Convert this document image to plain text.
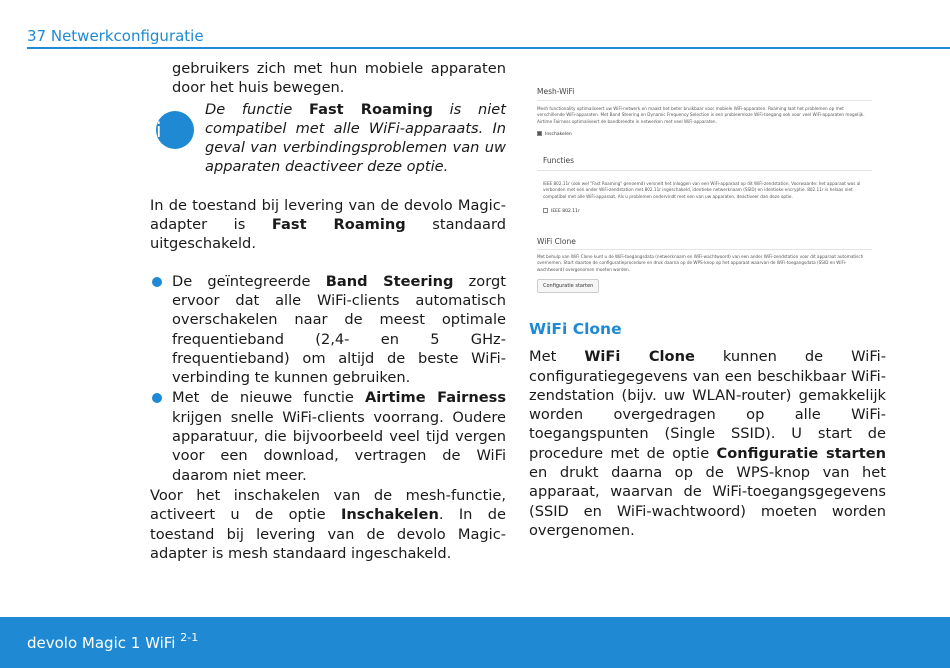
37 Netwerkconfiguratie

gebruikers zich met hun mobiele apparaten door het huis bewegen.

i
De functie Fast Roaming is niet compatibel met alle WiFi-apparaats. In geval van verbindingsproblemen van uw apparaten deactiveer deze optie.

In de toestand bij levering van de devolo Magic-adapter is Fast Roaming standaard uitgeschakeld.

De geïntegreerde Band Steering zorgt ervoor dat alle WiFi-clients automatisch overschakelen naar de meest optimale frequentieband (2,4- en 5 GHz-frequentieband) om altijd de beste WiFi-verbinding te kunnen gebruiken.
Met de nieuwe functie Airtime Fairness krijgen snelle WiFi-clients voorrang. Oudere apparatuur, die bijvoorbeeld veel tijd vergen voor een download, vertragen de WiFi daarom niet meer.

Voor het inschakelen van de mesh-functie, activeert u de optie Inschakelen. In de toestand bij levering van de devolo Magic-adapter is mesh standaard ingeschakeld.

Mesh-WiFi
Mesh functionality optimaliseert uw WiFi-netwerk en maakt het beter bruikbaar voor mobiele WiFi-apparaten. Roaming laat het problemen op met verschillende WiFi-apparaten. Met Band Steering en Dynamic Frequency Selection is een probleemloze WiFi-toegang ook voor veel WiFi-apparaten mogelijk. Airtime Fairness optimaliseert de bandbreedte in netwerken met veel WiFi-apparaten.
Inschakelen
Functies
IEEE 802.11r (ook wel "Fast Roaming" genoemd) versnelt het inloggen van een WiFi-apparaat op dit WiFi-zendstation. Voorwaarde: het apparaat was al verbonden met een ander WiFi-zendstation met 802.11r ingeschakeld, identieke netwerknaam (SSID) en identieke encryptie. 802.11r is helaas niet compatibel met alle WiFi-apparaat. Als u problemen ondervindt met een van uw apparaten, deactiveer dan deze optie.
IEEE 802.11r
WiFi Clone
Met behulp van WiFi Clone kunt u de WiFi-toegangsdata (netwerknaam en WiFi-wachtwoord) van een ander WiFi-zendstation voor dit apparaat automatisch overnemen. Start daartoe de configuratieprocedure en druk daarna op de WPS-knop op het apparaat waarvan de WiFi-toegangsdata (SSID en WiFi-wachtwoord) overgenomen moeten worden.
Configuratie starten
WiFi Clone

Met WiFi Clone kunnen de WiFi-configuratiegegevens van een beschikbaar WiFi-zendstation (bijv. uw WLAN-router) gemakkelijk worden overgedragen op alle WiFi-toegangspunten (Single SSID). U start de procedure met de optie Configuratie starten en drukt daarna op de WPS-knop van het apparaat, waarvan de WiFi-toegangsgegevens (SSID en WiFi-wachtwoord) moeten worden overgenomen.

devolo Magic 1 WiFi $^{2-1}$
